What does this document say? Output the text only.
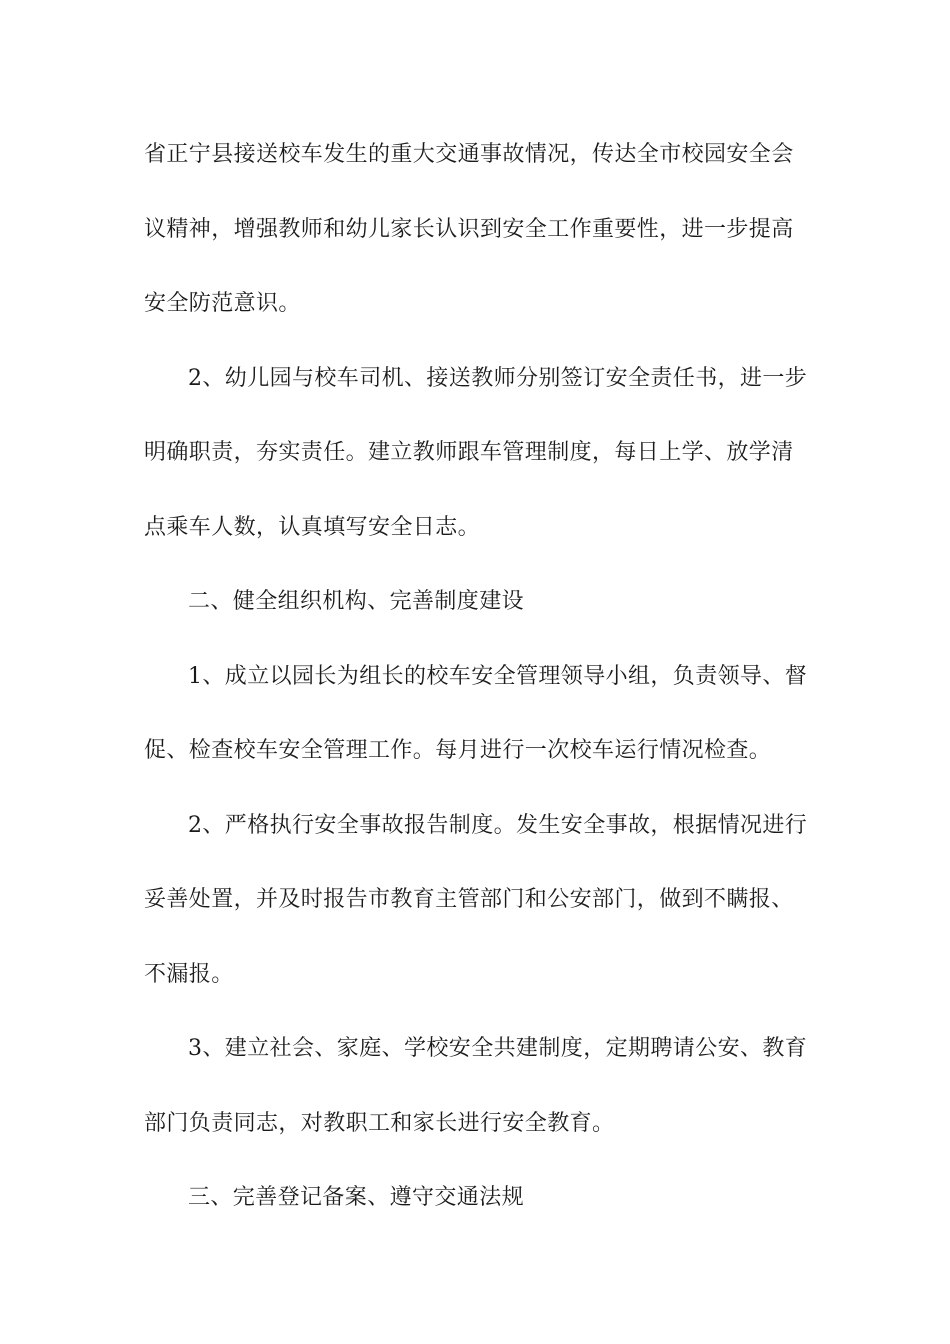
省正宁县接送校车发生的重大交通事故情况，传达全市校园安全会
议精神，增强教师和幼儿家长认识到安全工作重要性，进一步提高
安全防范意识。
2、幼儿园与校车司机、接送教师分别签订安全责任书，进一步
明确职责，夯实责任。建立教师跟车管理制度，每日上学、放学清
点乘车人数，认真填写安全日志。
二、健全组织机构、完善制度建设
1、成立以园长为组长的校车安全管理领导小组，负责领导、督
促、检查校车安全管理工作。每月进行一次校车运行情况检查。
2、严格执行安全事故报告制度。发生安全事故，根据情况进行
妥善处置，并及时报告市教育主管部门和公安部门，做到不瞒报、
不漏报。
3、建立社会、家庭、学校安全共建制度，定期聘请公安、教育
部门负责同志，对教职工和家长进行安全教育。
三、完善登记备案、遵守交通法规
